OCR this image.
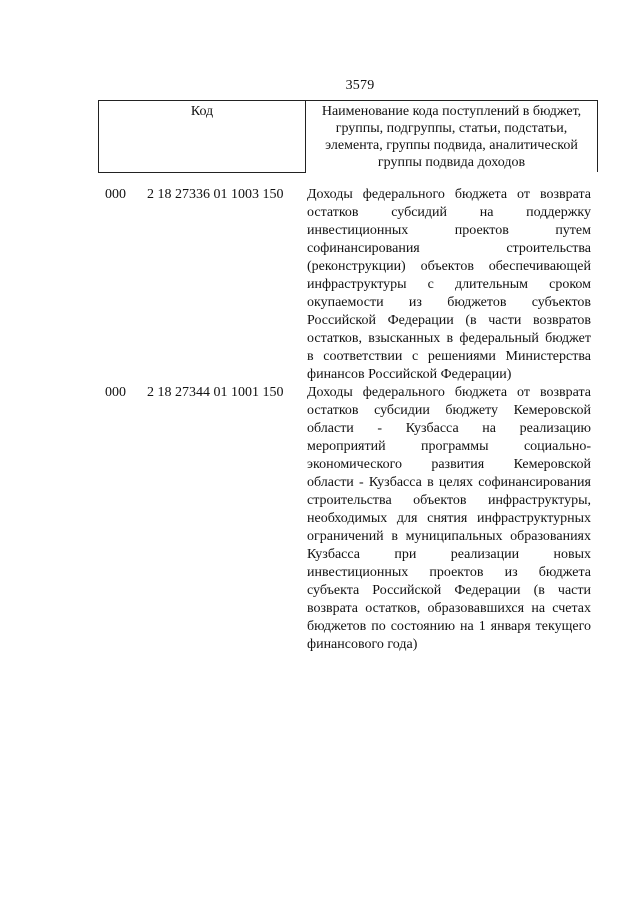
3579
Код	Наименование кода поступлений в бюджет,
группы, подгруппы, статьи, подстатьи,
элемента, группы подвида, аналитической
группы подвида доходов
000 2 18 27336 01 1003 150 Доходы федерального бюджета от возврата
остатков субсидий на поддержку
инвестиционных проектов путем
софинансирования строительства
(реконструкции) объектов обеспечивающей
инфраструктуры с длительным сроком
окупаемости из бюджетов субъектов
Российской Федерации (в части возвратов
остатков, взысканных в федеральный бюджет
в соответствии с решениями Министерства
финансов Российской Федерации)
000 2 18 27344 01 1001 150 Доходы федерального бюджета от возврата
остатков субсидии бюджету Кемеровской
области - Кузбасса на реализацию
мероприятий программы социально-
экономического развития Кемеровской
области - Кузбасса в целях софинансирования
строительства объектов инфраструктуры,
необходимых для снятия инфраструктурных
ограничений в муниципальных образованиях
Кузбасса при реализации новых
инвестиционных проектов из бюджета
субъекта Российской Федерации (в части
возврата остатков, образовавшихся на счетах
бюджетов по состоянию на 1 января текущего
финансового года)
